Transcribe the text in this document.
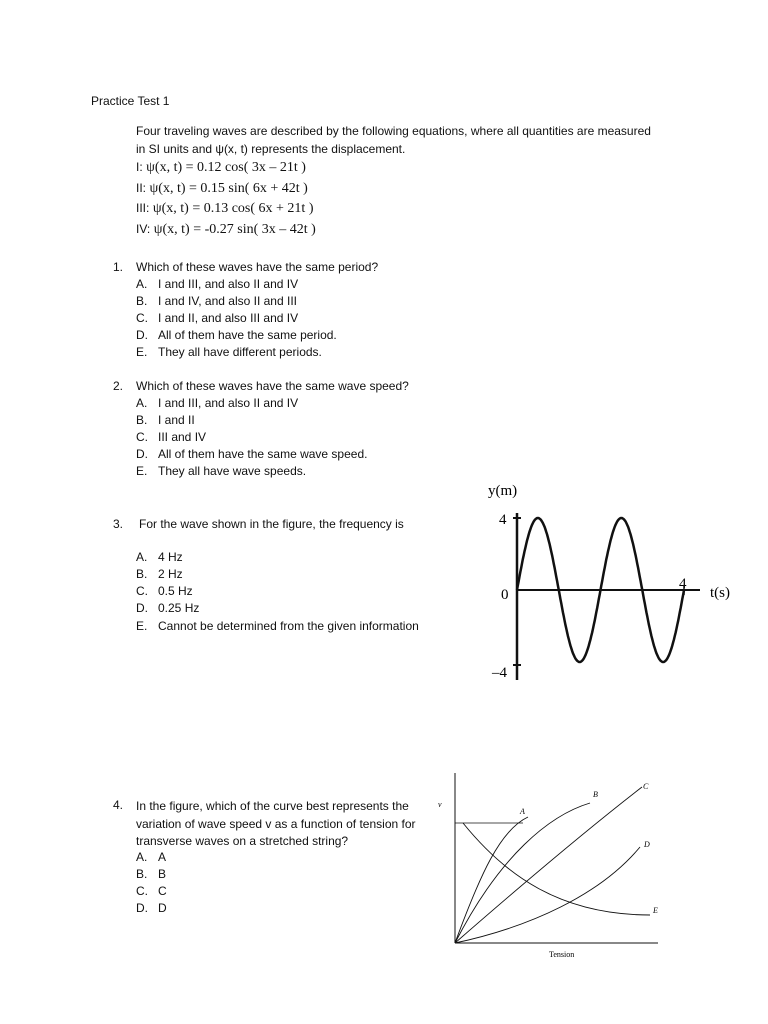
Practice Test 1
Four traveling waves are described by the following equations, where all quantities are measured
in SI units and ψ(x, t) represents the displacement.
I: ψ(x, t) = 0.12 cos( 3x – 21t )
II: ψ(x, t) = 0.15 sin( 6x + 42t )
III: ψ(x, t) = 0.13 cos( 6x + 21t )
IV: ψ(x, t) = -0.27 sin( 3x – 42t )
1. Which of these waves have the same period?
A. I and III, and also II and IV
B. I and IV, and also II and III
C. I and II, and also III and IV
D. All of them have the same period.
E. They all have different periods.
2. Which of these waves have the same wave speed?
A. I and III, and also II and IV
B. I and II
C. III and IV
D. All of them have the same wave speed.
E. They all have wave speeds.
3. For the wave shown in the figure, the frequency is
A. 4 Hz
B. 2 Hz
C. 0.5 Hz
D. 0.25 Hz
E. Cannot be determined from the given information
y(m)
4
0
–4
4
t(s)
4. In the figure, which of the curve best represents the variation of wave speed v as a function of tension for transverse waves on a stretched string?
A. A
B. B
C. C
D. D
v
Tension
A
B
C
D
E
